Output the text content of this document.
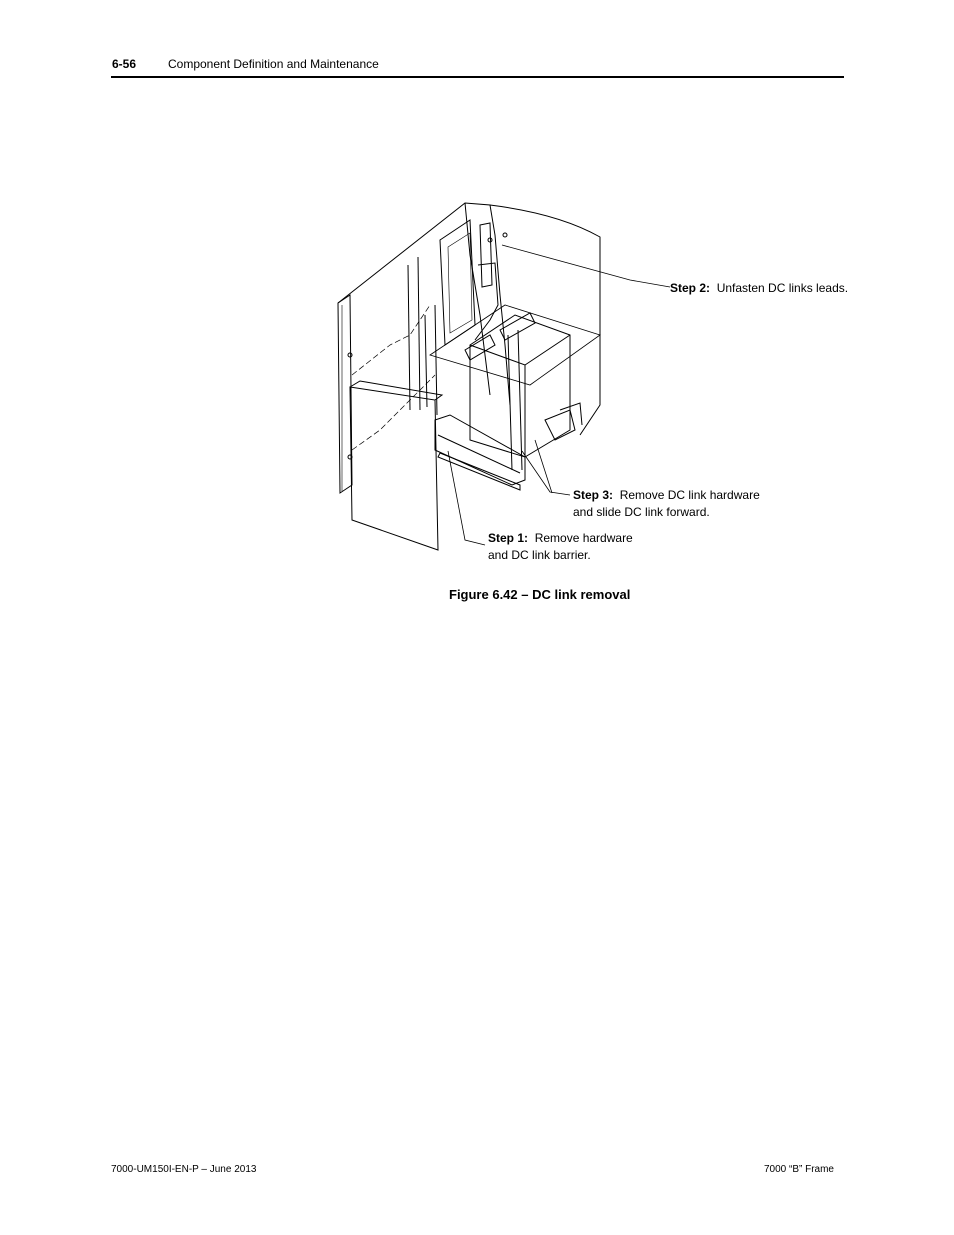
6-56	Component Definition and Maintenance
Step 2: Unfasten DC links leads.
Step 3: Remove DC link hardware
and slide DC link forward.
Step 1: Remove hardware
and DC link barrier.
Figure 6.42 – DC link removal
7000-UM150I-EN-P – June 2013	7000 “B” Frame
